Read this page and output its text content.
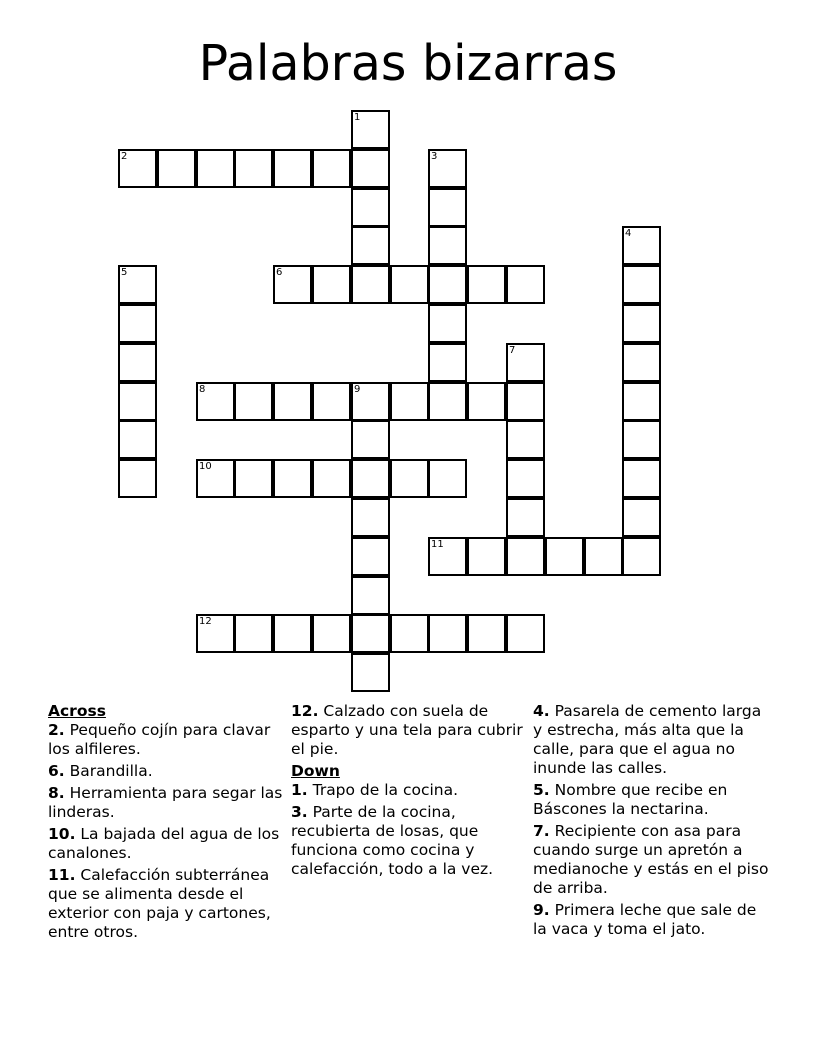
Palabras bizarras
2
6
8	9
10
11
12
1
3
4
5
7

Across

2. Pequeño cojín para clavar los alfileres.

6. Barandilla.

8. Herramienta para segar las linderas.

10. La bajada del agua de los canalones.

11. Calefacción subterránea que se alimenta desde el exterior con paja y cartones, entre otros.

12. Calzado con suela de esparto y una tela para cubrir el pie.

Down

1. Trapo de la cocina.

3. Parte de la cocina, recubierta de losas, que funciona como cocina y calefacción, todo a la vez.

4. Pasarela de cemento larga y estrecha, más alta que la calle, para que el agua no inunde las calles.

5. Nombre que recibe en Báscones la nectarina.

7. Recipiente con asa para cuando surge un apretón a medianoche y estás en el piso de arriba.

9. Primera leche que sale de la vaca y toma el jato.
